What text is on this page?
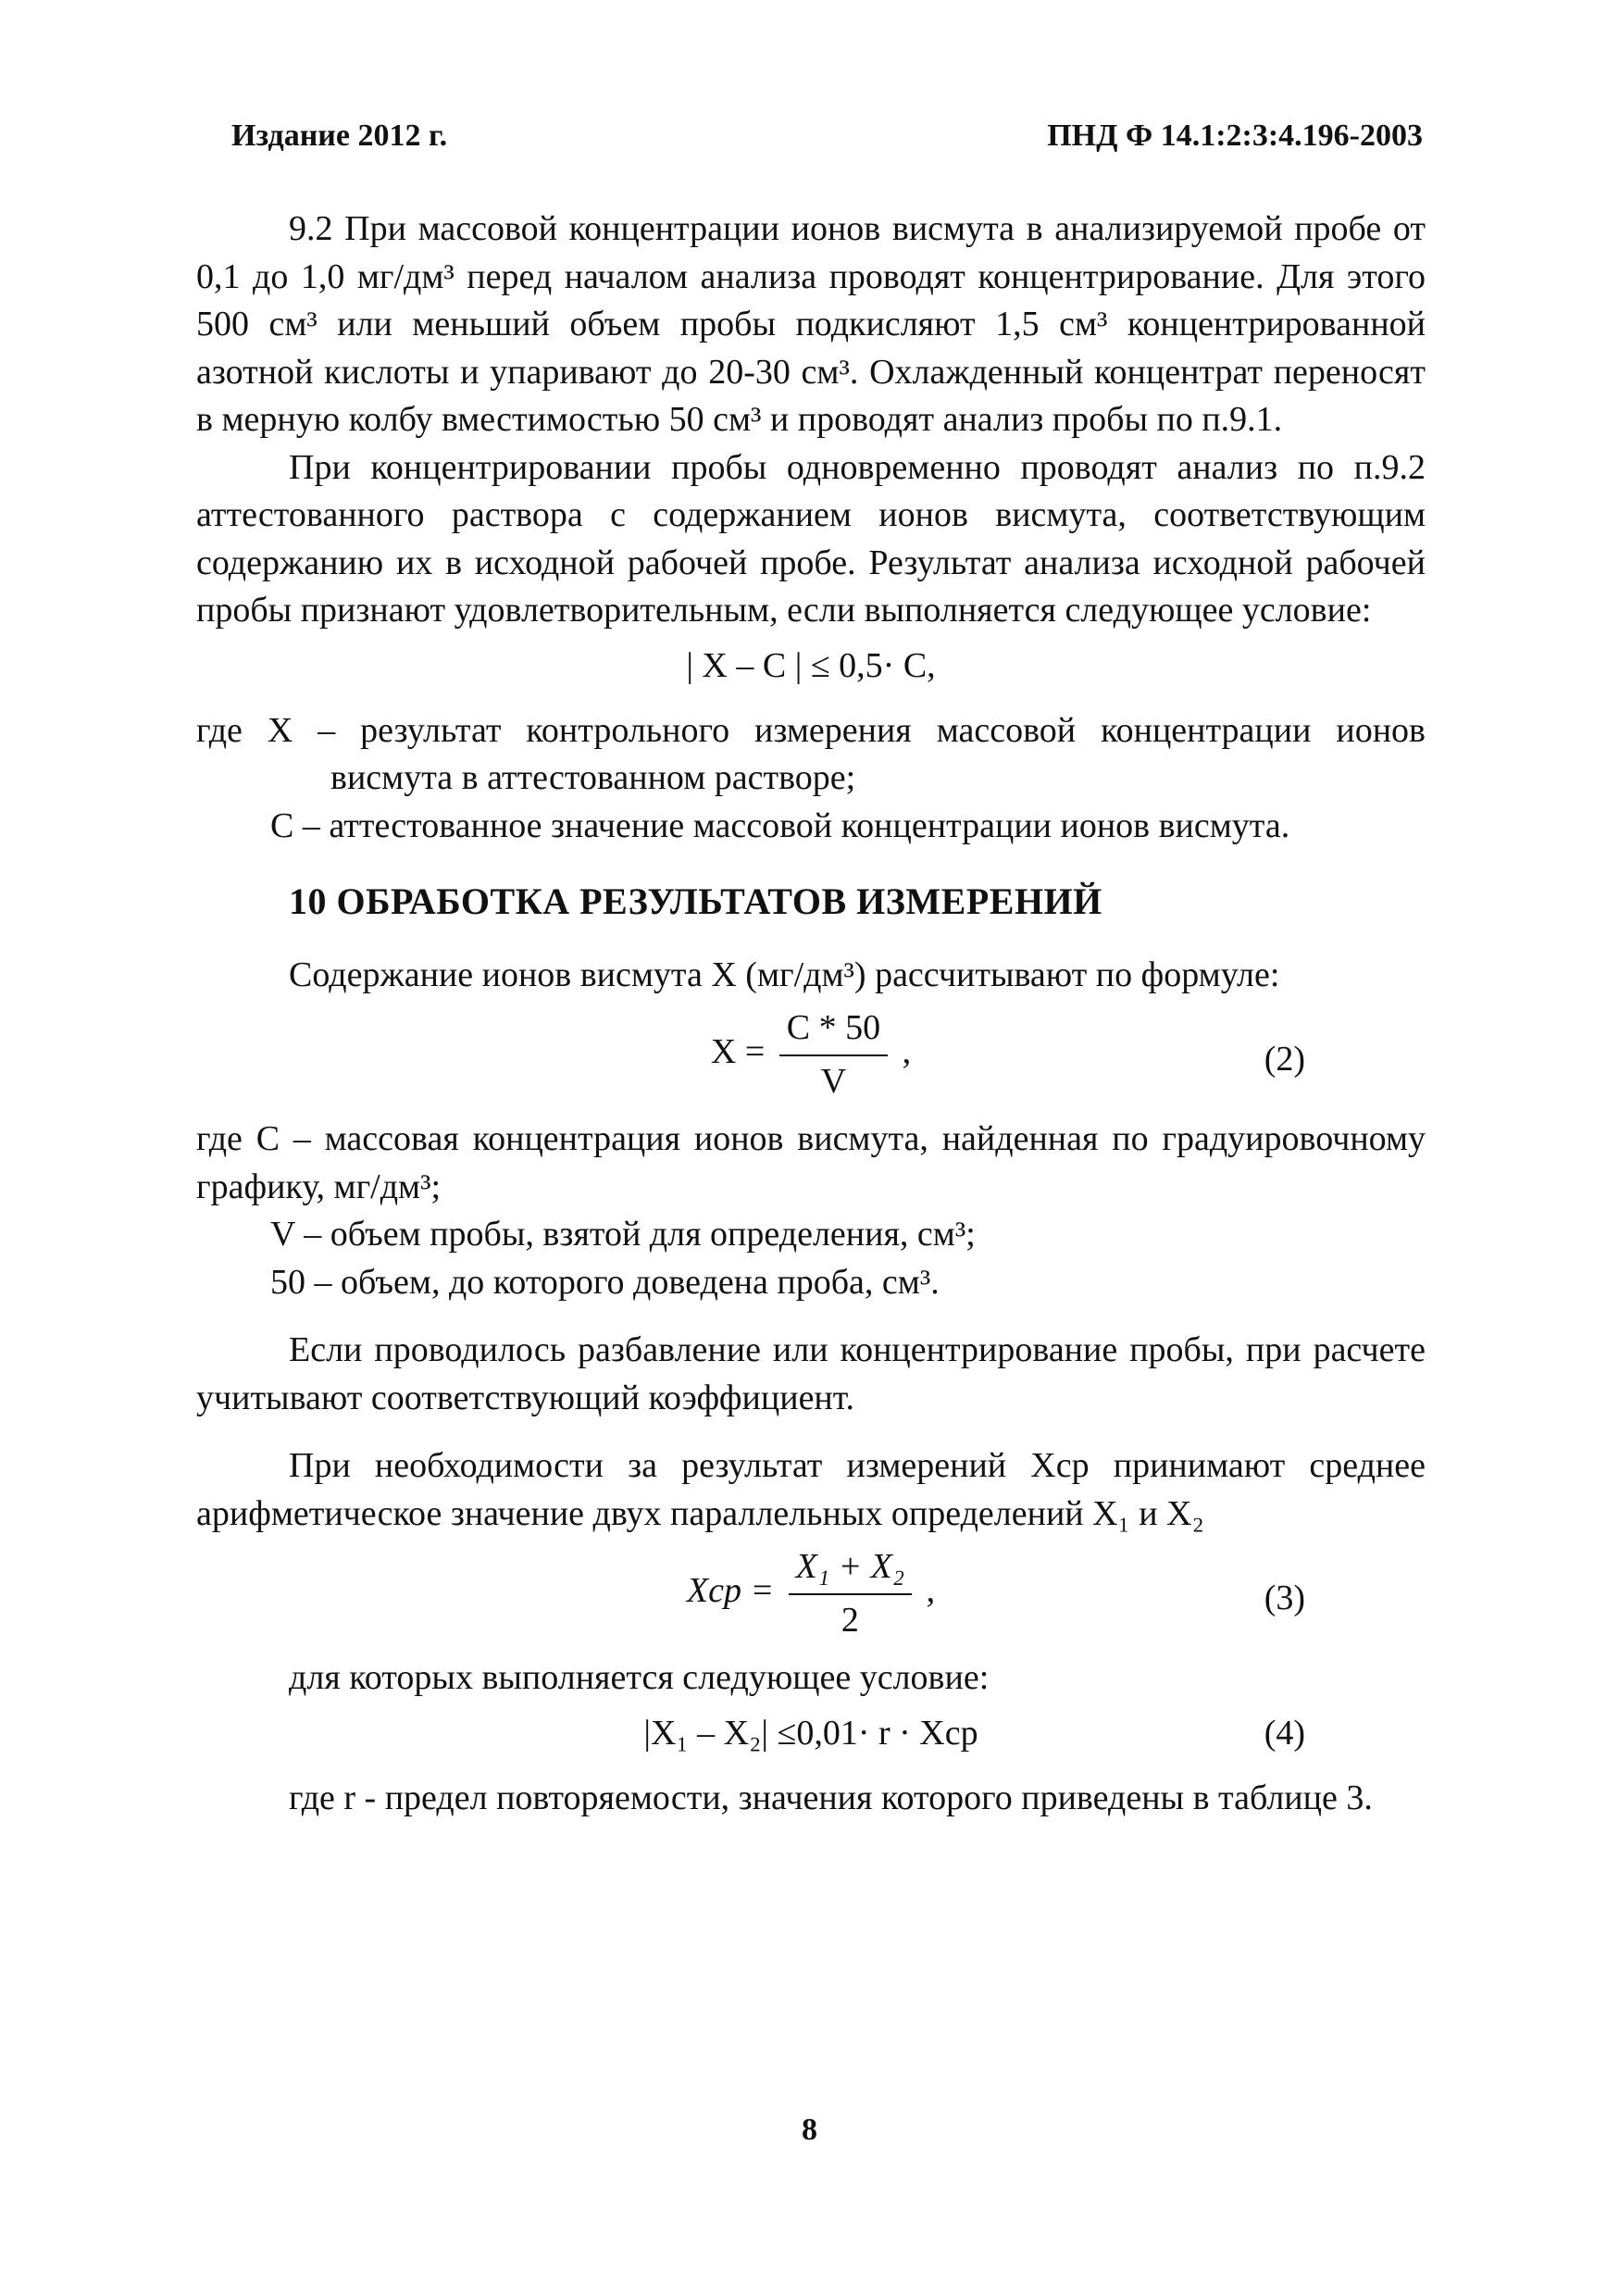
Издание 2012 г.	ПНД Ф 14.1:2:3:4.196-2003

9.2 При массовой концентрации ионов висмута в анализируемой пробе от 0,1 до 1,0 мг/дм³ перед началом анализа проводят концентрирование. Для этого 500 см³ или меньший объем пробы подкисляют 1,5 см³ концентрированной азотной кислоты и упаривают до 20-30 см³. Охлажденный концентрат переносят в мерную колбу вместимостью 50 см³ и проводят анализ пробы по п.9.1.

При концентрировании пробы одновременно проводят анализ по п.9.2 аттестованного раствора с содержанием ионов висмута, соответствующим содержанию их в исходной рабочей пробе. Результат анализа исходной рабочей пробы признают удовлетворительным, если выполняется следующее условие:

| X – C | ≤ 0,5· C,

где X – результат контрольного измерения массовой концентрации ионов висмута в аттестованном растворе;

C – аттестованное значение массовой концентрации ионов висмута.

10 ОБРАБОТКА РЕЗУЛЬТАТОВ ИЗМЕРЕНИЙ

Содержание ионов висмута X (мг/дм³) рассчитывают по формуле:

$X = \frac{C * 50}{V}$ ,	(2)

где C – массовая концентрация ионов висмута, найденная по градуировочному графику, мг/дм³;

V – объем пробы, взятой для определения, см³;

50 – объем, до которого доведена проба, см³.

Если проводилось разбавление или концентрирование пробы, при расчете учитывают соответствующий коэффициент.

При необходимости за результат измерений Xср принимают среднее арифметическое значение двух параллельных определений X₁ и X₂

Xср = $\frac{\text{X₁ + X₂}}{2}$ ,	(3)

для которых выполняется следующее условие:

|X₁ – X₂| ≤0,01· r · Xср	(4)

где r - предел повторяемости, значения которого приведены в таблице 3.

8
